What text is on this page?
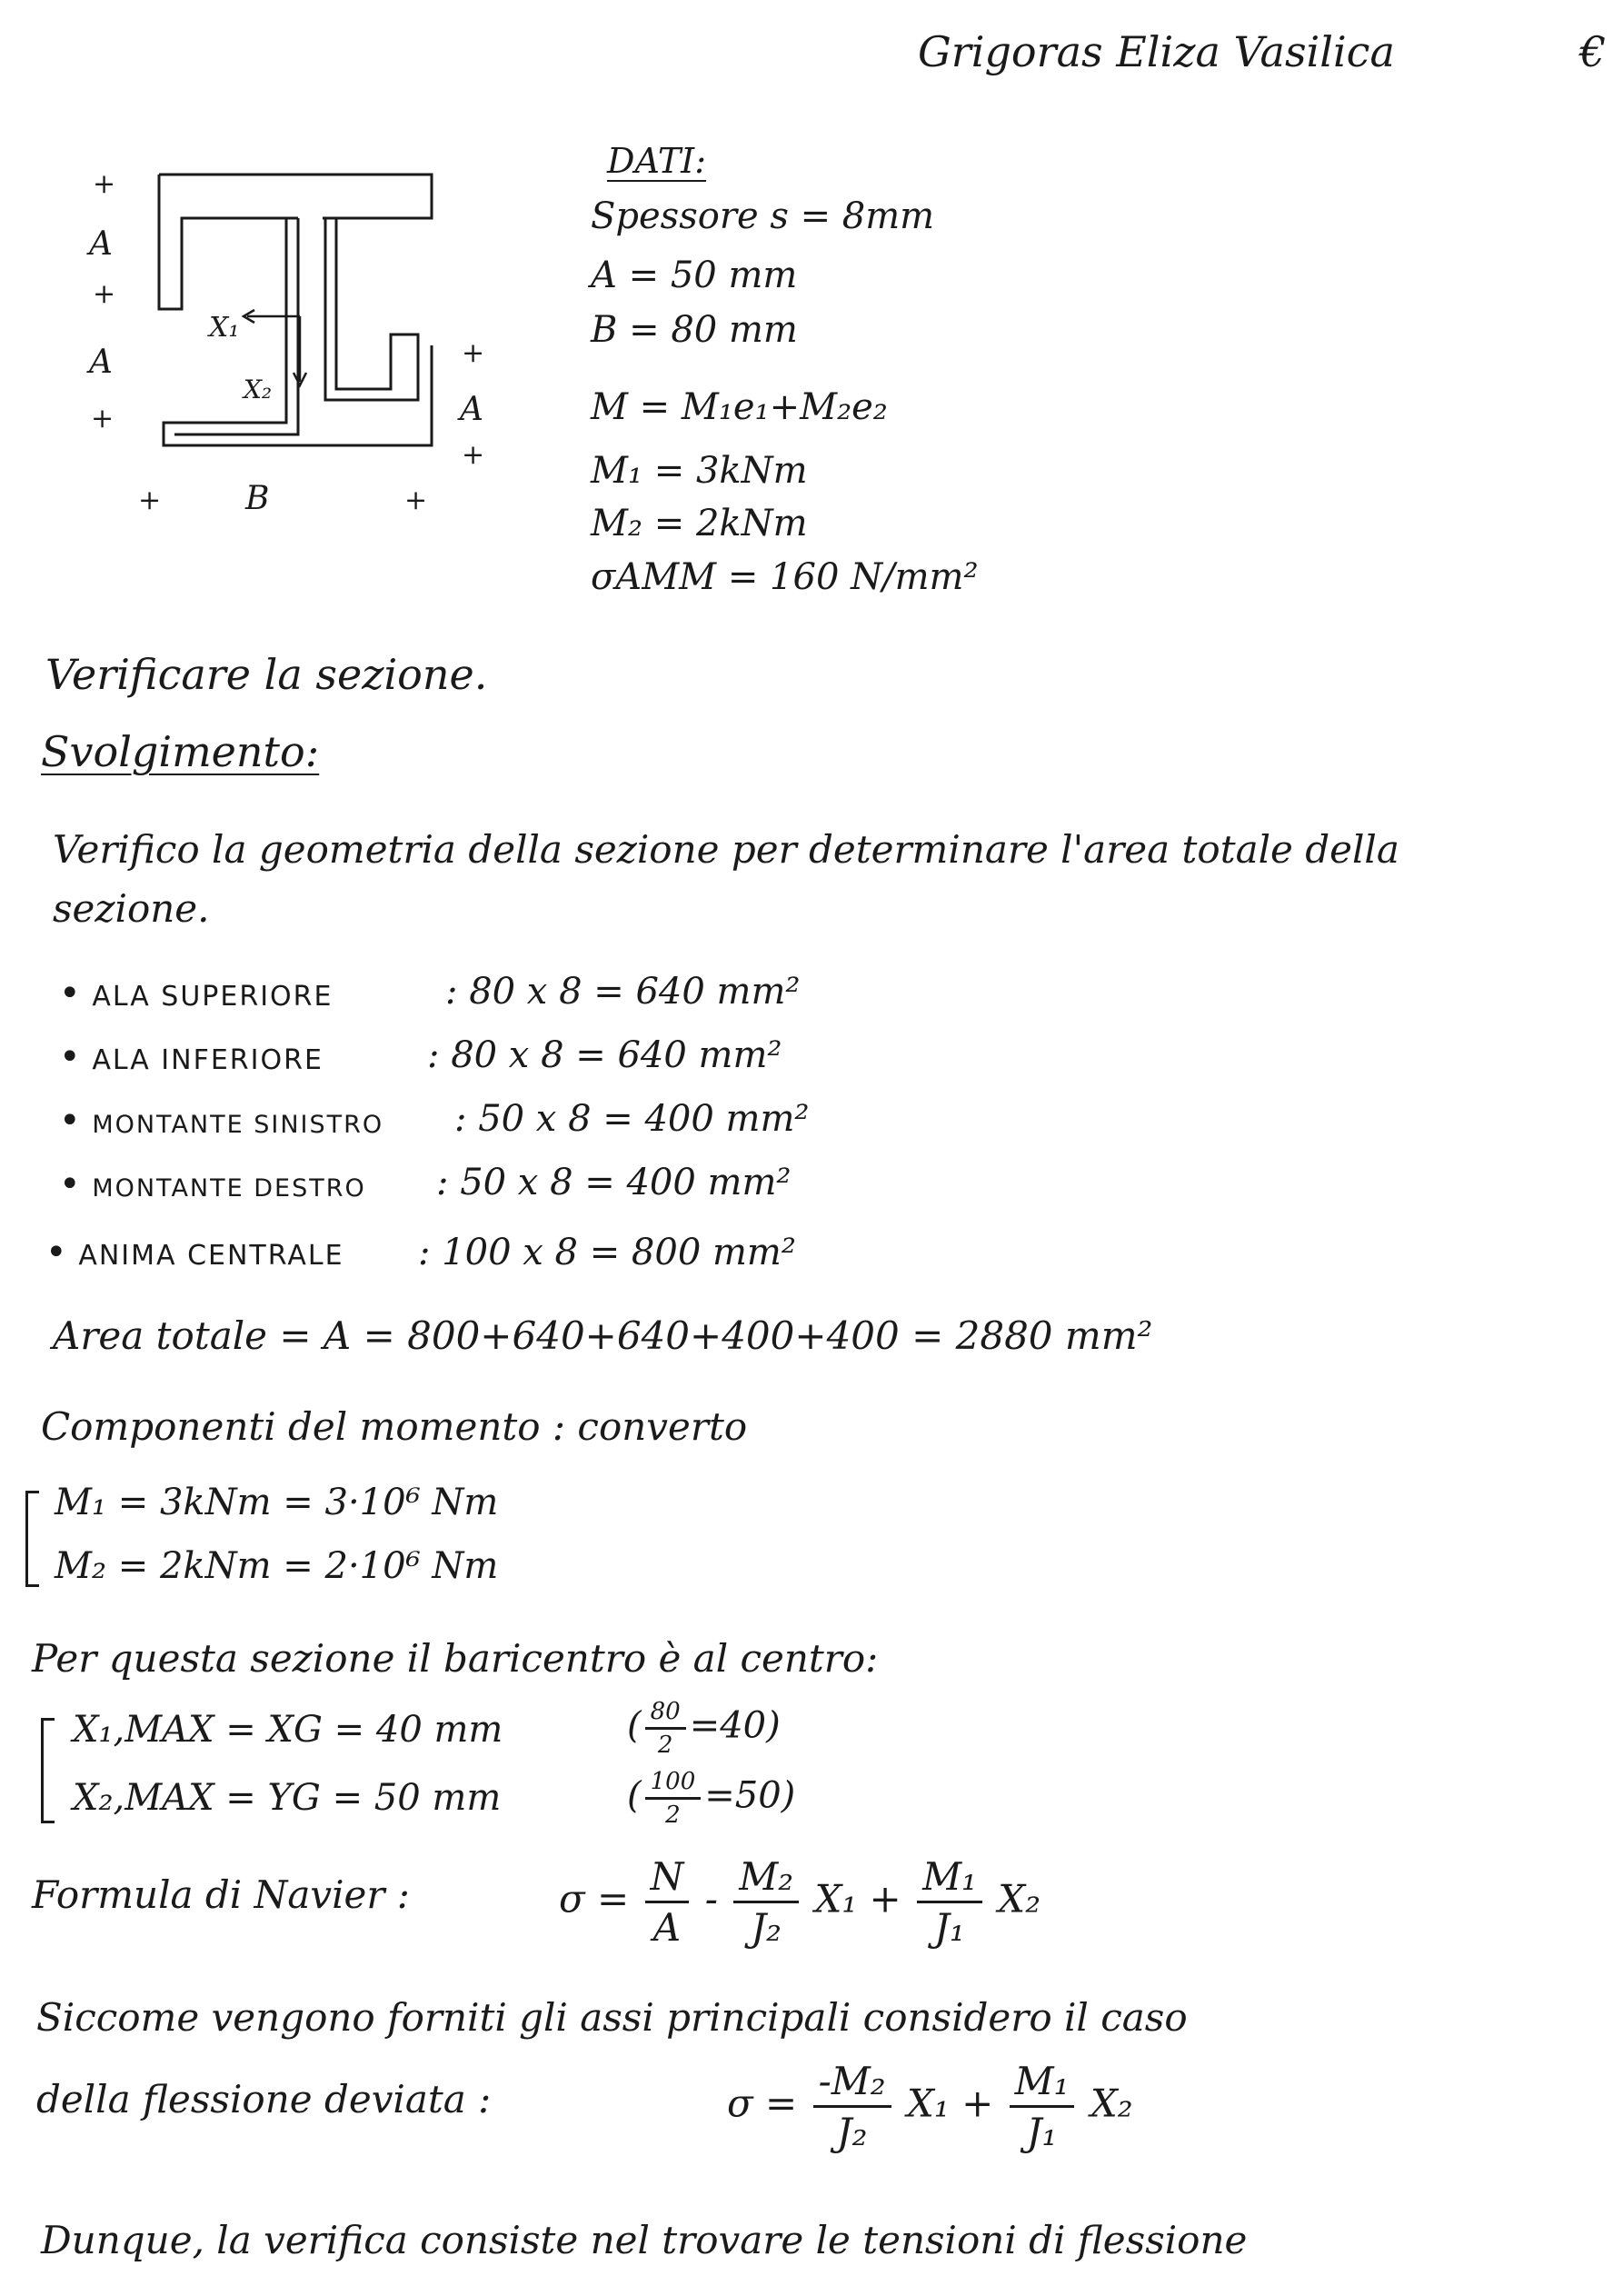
Grigoras Eliza Vasilica	€
X₁
X₂
+
A
+
A
+
+
A
+
+	B	+
DATI:
Spessore s = 8mm
A = 50 mm
B = 80 mm
M = M₁e₁+M₂e₂
M₁ = 3kNm
M₂ = 2kNm
σAMM = 160 N/mm²
Verificare la sezione.
Svolgimento:
Verifico la geometria della sezione per determinare l'area totale della
sezione.
• ALA SUPERIORE	: 80 x 8 = 640 mm²
• ALA INFERIORE	: 80 x 8 = 640 mm²
• MONTANTE SINISTRO : 50 x 8 = 400 mm²
• MONTANTE DESTRO : 50 x 8 = 400 mm²
• ANIMA CENTRALE : 100 x 8 = 800 mm²
Area totale = A = 800+640+640+400+400 = 2880 mm²
Componenti del momento : converto
M₁ = 3kNm = 3·10⁶ Nm
M₂ = 2kNm = 2·10⁶ Nm
Per questa sezione il baricentro è al centro:
X₁,MAX = XG = 40 mm	( $\frac{80}{2} =40$)
X₂,MAX = YG = 50 mm	( $\frac{100}{2} =50$)
Formula di Navier :	$\sigma = \frac{N}{A} - \frac{\text{M₂}}{\text{J₂}} X_1 + \frac{\text{M₁}}{\text{J₁}} X_2$
Siccome vengono forniti gli assi principali considero il caso
della flessione deviata :	$\sigma = \frac{\text{-M₂}}{\text{J₂}} X_1 + \frac{\text{M₁}}{\text{J₁}} X_2$
Dunque, la verifica consiste nel trovare le tensioni di flessione
